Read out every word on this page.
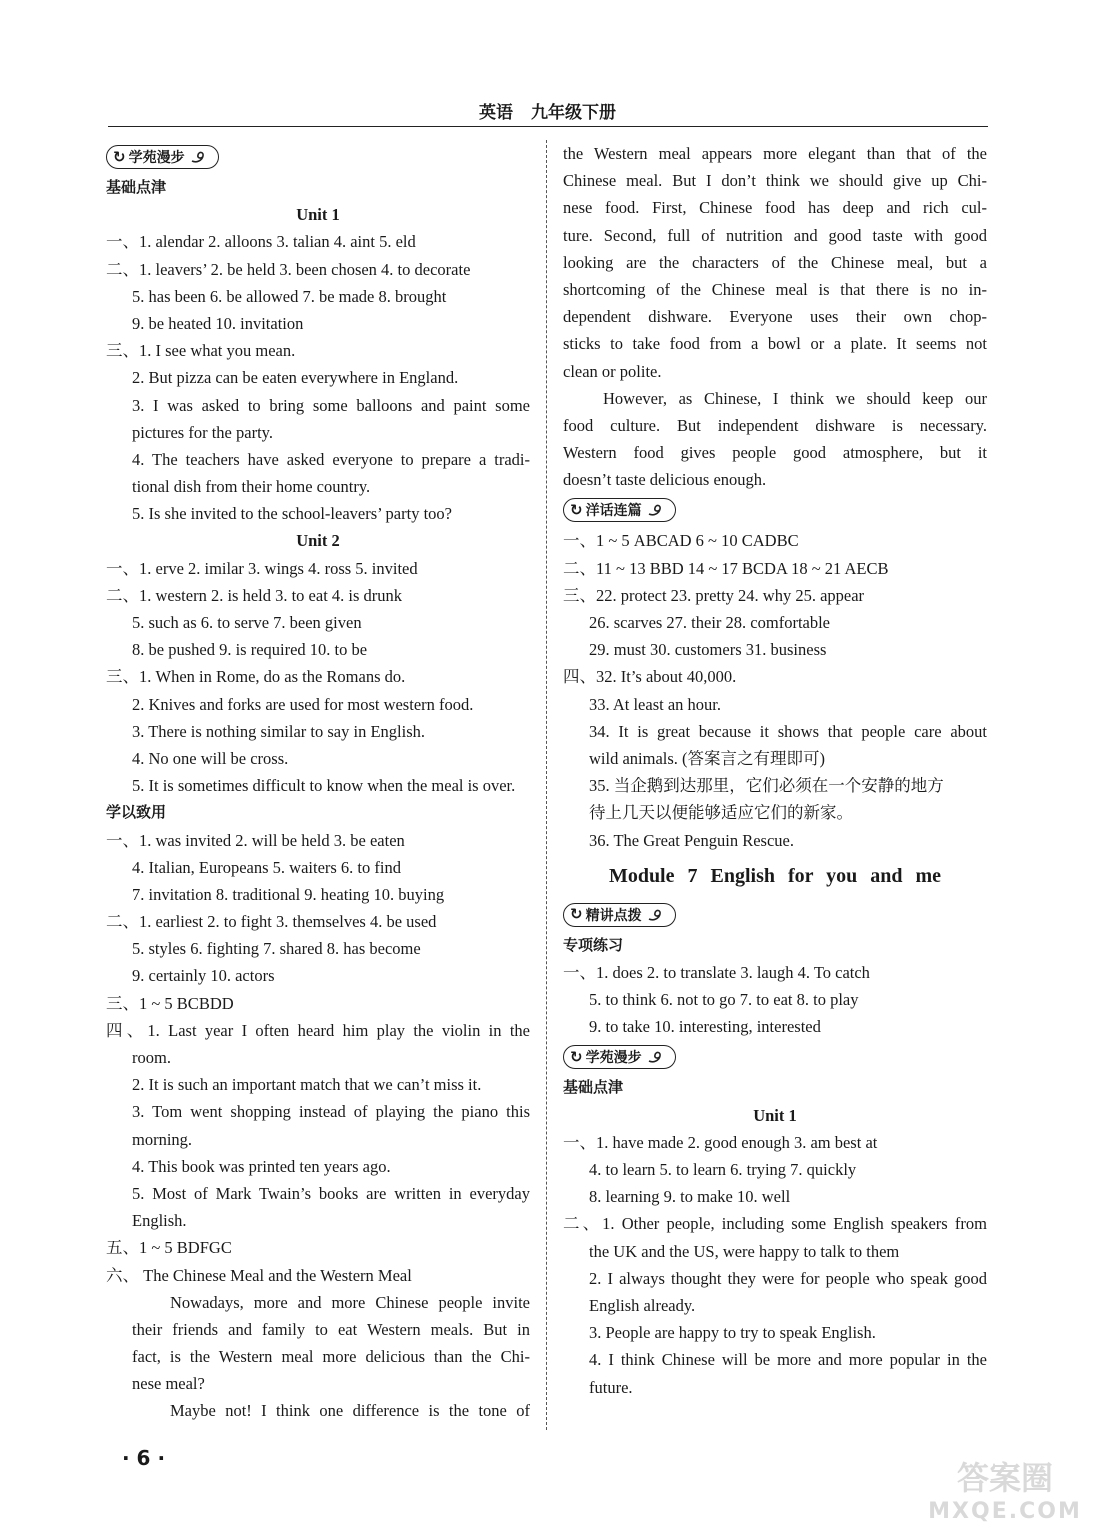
英语 九年级下册
↻ 学苑漫步
基础点津
Unit 1
一、1. alendar 2. alloons 3. talian 4. aint 5. eld
二、1. leavers’ 2. be held 3. been chosen 4. to decorate
5. has been 6. be allowed 7. be made 8. brought
9. be heated 10. invitation
三、1. I see what you mean.
2. But pizza can be eaten everywhere in England.
3. I was asked to bring some balloons and paint some
pictures for the party.
4. The teachers have asked everyone to prepare a tradi-
tional dish from their home country.
5. Is she invited to the school-leavers’ party too?
Unit 2
一、1. erve 2. imilar 3. wings 4. ross 5. invited
二、1. western 2. is held 3. to eat 4. is drunk
5. such as 6. to serve 7. been given
8. be pushed 9. is required 10. to be
三、1. When in Rome, do as the Romans do.
2. Knives and forks are used for most western food.
3. There is nothing similar to say in English.
4. No one will be cross.
5. It is sometimes difficult to know when the meal is over.
学以致用
一、1. was invited 2. will be held 3. be eaten
4. Italian, Europeans 5. waiters 6. to find
7. invitation 8. traditional 9. heating 10. buying
二、1. earliest 2. to fight 3. themselves 4. be used
5. styles 6. fighting 7. shared 8. has become
9. certainly 10. actors
三、1 ~ 5 BCBDD
四、1. Last year I often heard him play the violin in the
room.
2. It is such an important match that we can’t miss it.
3. Tom went shopping instead of playing the piano this
morning.
4. This book was printed ten years ago.
5. Most of Mark Twain’s books are written in everyday
English.
五、1 ~ 5 BDFGC
六、 The Chinese Meal and the Western Meal
Nowadays, more and more Chinese people invite
their friends and family to eat Western meals. But in
fact, is the Western meal more delicious than the Chi-
nese meal?
Maybe not! I think one difference is the tone of
the Western meal appears more elegant than that of the
Chinese meal. But I don’t think we should give up Chi-
nese food. First, Chinese food has deep and rich cul-
ture. Second, full of nutrition and good taste with good
looking are the characters of the Chinese meal, but a
shortcoming of the Chinese meal is that there is no in-
dependent dishware. Everyone uses their own chop-
sticks to take food from a bowl or a plate. It seems not
clean or polite.
However, as Chinese, I think we should keep our
food culture. But independent dishware is necessary.
Western food gives people good atmosphere, but it
doesn’t taste delicious enough.
↻ 洋话连篇
一、1 ~ 5 ABCAD 6 ~ 10 CADBC
二、11 ~ 13 BBD 14 ~ 17 BCDA 18 ~ 21 AECB
三、22. protect 23. pretty 24. why 25. appear
26. scarves 27. their 28. comfortable
29. must 30. customers 31. business
四、32. It’s about 40,000.
33. At least an hour.
34. It is great because it shows that people care about
wild animals. (答案言之有理即可)
35. 当企鹅到达那里，它们必须在一个安静的地方
待上几天以便能够适应它们的新家。
36. The Great Penguin Rescue.
Module 7 English for you and me
↻ 精讲点拨
专项练习
一、1. does 2. to translate 3. laugh 4. To catch
5. to think 6. not to go 7. to eat 8. to play
9. to take 10. interesting, interested
↻ 学苑漫步
基础点津
Unit 1
一、1. have made 2. good enough 3. am best at
4. to learn 5. to learn 6. trying 7. quickly
8. learning 9. to make 10. well
二、1. Other people, including some English speakers from
the UK and the US, were happy to talk to them
2. I always thought they were for people who speak good
English already.
3. People are happy to try to speak English.
4. I think Chinese will be more and more popular in the
future.
· 6 ·
答案圈
MXQE.COM
